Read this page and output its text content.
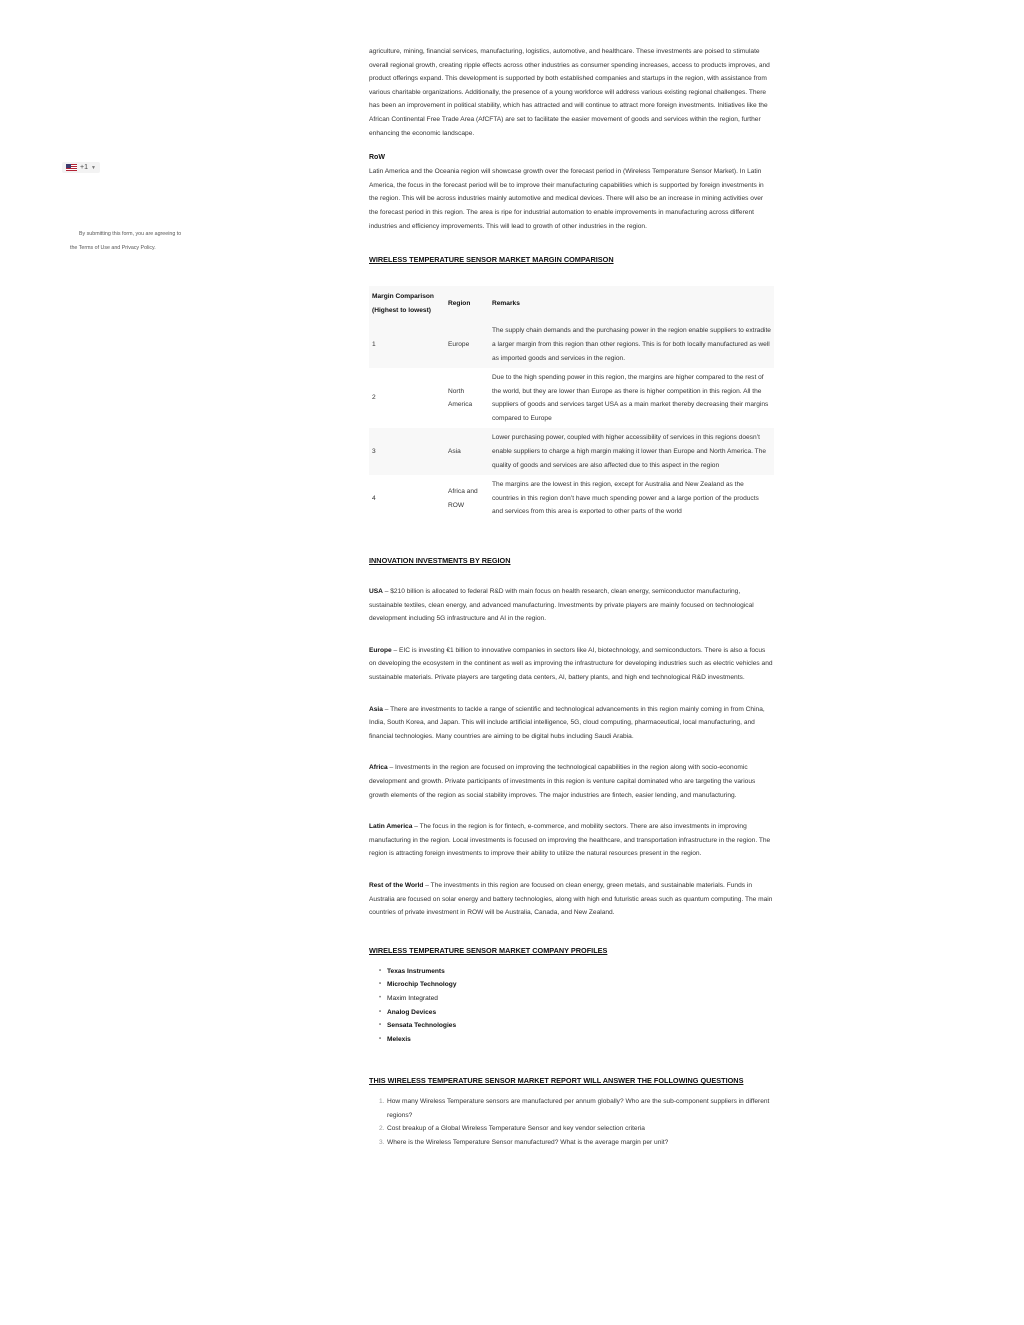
+1 ▼
By submitting this form, you are agreeing to
the Terms of Use and Privacy Policy.

agriculture, mining, financial services, manufacturing, logistics, automotive, and healthcare. These investments are poised to stimulate overall regional growth, creating ripple effects across other industries as consumer spending increases, access to products improves, and product offerings expand. This development is supported by both established companies and startups in the region, with assistance from various charitable organizations. Additionally, the presence of a young workforce will address various existing regional challenges. There has been an improvement in political stability, which has attracted and will continue to attract more foreign investments. Initiatives like the African Continental Free Trade Area (AfCFTA) are set to facilitate the easier movement of goods and services within the region, further enhancing the economic landscape.

RoW

Latin America and the Oceania region will showcase growth over the forecast period in (Wireless Temperature Sensor Market). In Latin America, the focus in the forecast period will be to improve their manufacturing capabilities which is supported by foreign investments in the region. This will be across industries mainly automotive and medical devices. There will also be an increase in mining activities over the forecast period in this region. The area is ripe for industrial automation to enable improvements in manufacturing across different industries and efficiency improvements. This will lead to growth of other industries in the region.

WIRELESS TEMPERATURE SENSOR MARKET MARGIN COMPARISON

Margin Comparison (Highest to lowest)	Region	Remarks
1	Europe	The supply chain demands and the purchasing power in the region enable suppliers to extradite a larger margin from this region than other regions. This is for both locally manufactured as well as imported goods and services in the region.
2	North America	Due to the high spending power in this region, the margins are higher compared to the rest of the world, but they are lower than Europe as there is higher competition in this region. All the suppliers of goods and services target USA as a main market thereby decreasing their margins compared to Europe
3	Asia	Lower purchasing power, coupled with higher accessibility of services in this regions doesn’t enable suppliers to charge a high margin making it lower than Europe and North America. The quality of goods and services are also affected due to this aspect in the region
4	Africa and ROW	The margins are the lowest in this region, except for Australia and New Zealand as the countries in this region don’t have much spending power and a large portion of the products and services from this area is exported to other parts of the world

INNOVATION INVESTMENTS BY REGION

USA – $210 billion is allocated to federal R&D with main focus on health research, clean energy, semiconductor manufacturing, sustainable textiles, clean energy, and advanced manufacturing. Investments by private players are mainly focused on technological development including 5G infrastructure and AI in the region.

Europe – EIC is investing €1 billion to innovative companies in sectors like AI, biotechnology, and semiconductors. There is also a focus on developing the ecosystem in the continent as well as improving the infrastructure for developing industries such as electric vehicles and sustainable materials. Private players are targeting data centers, AI, battery plants, and high end technological R&D investments.

Asia – There are investments to tackle a range of scientific and technological advancements in this region mainly coming in from China, India, South Korea, and Japan. This will include artificial intelligence, 5G, cloud computing, pharmaceutical, local manufacturing, and financial technologies. Many countries are aiming to be digital hubs including Saudi Arabia.

Africa – Investments in the region are focused on improving the technological capabilities in the region along with socio-economic development and growth. Private participants of investments in this region is venture capital dominated who are targeting the various growth elements of the region as social stability improves. The major industries are fintech, easier lending, and manufacturing.

Latin America – The focus in the region is for fintech, e-commerce, and mobility sectors. There are also investments in improving manufacturing in the region. Local investments is focused on improving the healthcare, and transportation infrastructure in the region. The region is attracting foreign investments to improve their ability to utilize the natural resources present in the region.

Rest of the World – The investments in this region are focused on clean energy, green metals, and sustainable materials. Funds in Australia are focused on solar energy and battery technologies, along with high end futuristic areas such as quantum computing. The main countries of private investment in ROW will be Australia, Canada, and New Zealand.

WIRELESS TEMPERATURE SENSOR MARKET COMPANY PROFILES

• Texas Instruments
• Microchip Technology
• Maxim Integrated
• Analog Devices
• Sensata Technologies
• Melexis

THIS WIRELESS TEMPERATURE SENSOR MARKET REPORT WILL ANSWER THE FOLLOWING QUESTIONS

1. How many Wireless Temperature sensors are manufactured per annum globally? Who are the sub-component suppliers in different regions?
2. Cost breakup of a Global Wireless Temperature Sensor and key vendor selection criteria
3. Where is the Wireless Temperature Sensor manufactured? What is the average margin per unit?
